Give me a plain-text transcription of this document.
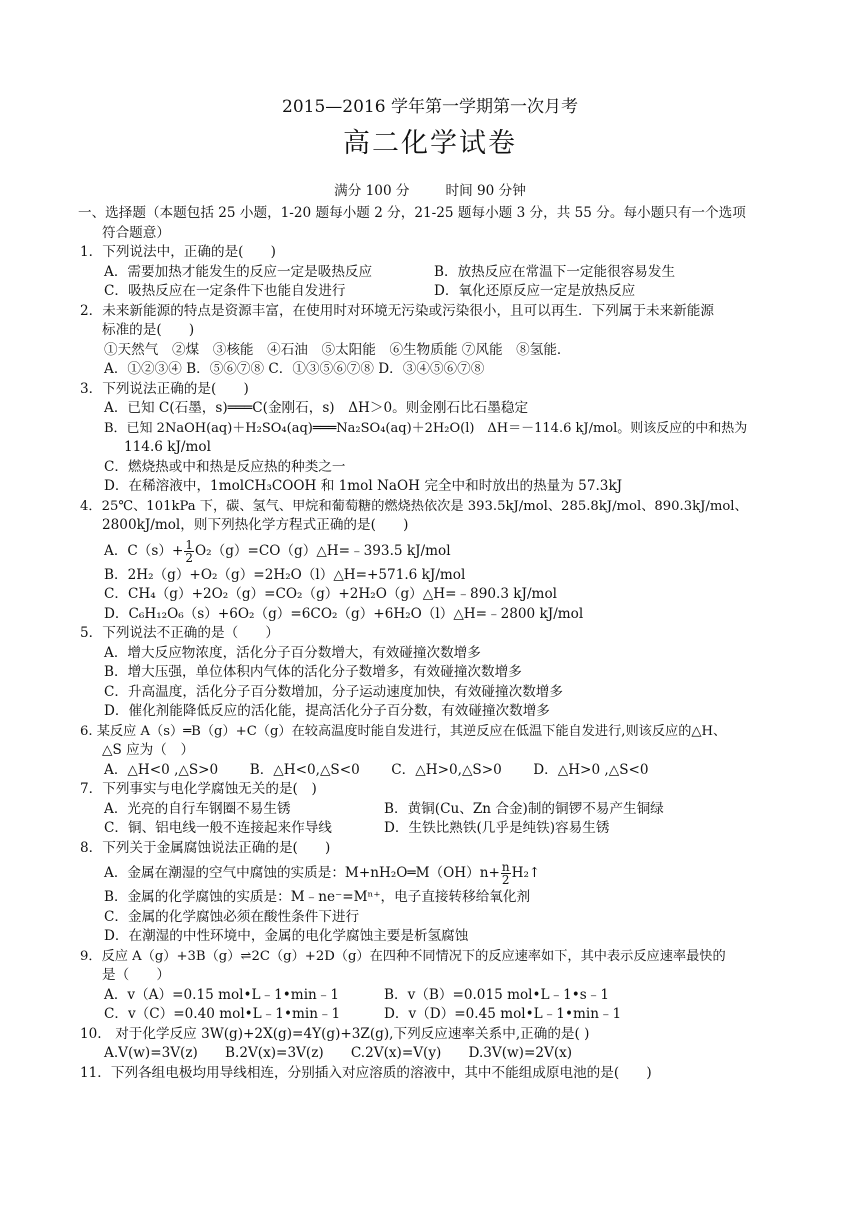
2015—2016 学年第一学期第一次月考
高二化学试卷
满分 100 分	时间 90 分钟
一、选择题（本题包括 25 小题，1-20 题每小题 2 分，21-25 题每小题 3 分，共 55 分。每小题只有一个选项
符合题意）
1．下列说法中，正确的是(　　)
A．需要加热才能发生的反应一定是吸热反应	B．放热反应在常温下一定能很容易发生
C．吸热反应在一定条件下也能自发进行	D．氧化还原反应一定是放热反应
2．未来新能源的特点是资源丰富，在使用时对环境无污染或污染很小，且可以再生．下列属于未来新能源
标准的是(　　)
①天然气　②煤　③核能　④石油　⑤太阳能　⑥生物质能 ⑦风能　⑧氢能．
A．①②③④ B．⑤⑥⑦⑧ C．①③⑤⑥⑦⑧ D．③④⑤⑥⑦⑧
3．下列说法正确的是(　　)
A．已知 C(石墨，s)═══C(金刚石，s)　ΔH＞0。则金刚石比石墨稳定
B．已知 2NaOH(aq)＋H₂SO₄(aq)═══Na₂SO₄(aq)＋2H₂O(l)　ΔH＝－114.6 kJ/mol。则该反应的中和热为
114.6 kJ/mol
C．燃烧热或中和热是反应热的种类之一
D．在稀溶液中，1molCH₃COOH 和 1mol NaOH 完全中和时放出的热量为 57.3kJ
4．25℃、101kPa 下，碳、氢气、甲烷和葡萄糖的燃烧热依次是 393.5kJ/mol、285.8kJ/mol、890.3kJ/mol、
2800kJ/mol，则下列热化学方程式正确的是(　　)
A．$C(s)+ \frac{1}{2}$ O₂（g）=CO（g）△H=﹣393.5 kJ/mol
B．2H₂（g）+O₂（g）=2H₂O（l）△H=+571.6 kJ/mol
C．CH₄（g）+2O₂（g）=CO₂（g）+2H₂O（g）△H=﹣890.3 kJ/mol
D．C₆H₁₂O₆（s）+6O₂（g）=6CO₂（g）+6H₂O（l）△H=﹣2800 kJ/mol
5．下列说法不正确的是（　　）
A．增大反应物浓度，活化分子百分数增大，有效碰撞次数增多
B．增大压强，单位体积内气体的活化分子数增多，有效碰撞次数增多
C．升高温度，活化分子百分数增加，分子运动速度加快，有效碰撞次数增多
D．催化剂能降低反应的活化能，提高活化分子百分数，有效碰撞次数增多
6. 某反应 A（s）═B（g）+C（g）在较高温度时能自发进行，其逆反应在低温下能自发进行,则该反应的△H、
△S 应为（　）
A．△H<0 ,△S>0　　 B．△H<0,△S<0　　 C．△H>0,△S>0　　 D．△H>0 ,△S<0
7．下列事实与电化学腐蚀无关的是(　)
A．光亮的自行车钢圈不易生锈	B．黄铜(Cu、Zn 合金)制的铜锣不易产生铜绿
C．铜、铝电线一般不连接起来作导线	D．生铁比熟铁(几乎是纯铁)容易生锈
8．下列关于金属腐蚀说法正确的是(　　)
A．金属在潮湿的空气中腐蚀的实质是：M+nH₂O═M（OH）n+ $\frac{n}{2}$ H₂↑
B．金属的化学腐蚀的实质是：M﹣ne⁻=Mⁿ⁺，电子直接转移给氧化剂
C．金属的化学腐蚀必须在酸性条件下进行
D．在潮湿的中性环境中，金属的电化学腐蚀主要是析氢腐蚀
9．反应 A（g）+3B（g）⇌2C（g）+2D（g）在四种不同情况下的反应速率如下，其中表示反应速率最快的
是（　　）
A．v（A）=0.15 mol•L﹣1•min﹣1	B．v（B）=0.015 mol•L﹣1•s﹣1
C．v（C）=0.40 mol•L﹣1•min﹣1	D．v（D）=0.45 mol•L﹣1•min﹣1
10.　对于化学反应 3W(g)+2X(g)=4Y(g)+3Z(g),下列反应速率关系中,正确的是( )
A.V(w)=3V(z)　　B.2V(x)=3V(z)　　C.2V(x)=V(y)　　D.3V(w)=2V(x)
11．下列各组电极均用导线相连，分别插入对应溶质的溶液中，其中不能组成原电池的是(　　)
